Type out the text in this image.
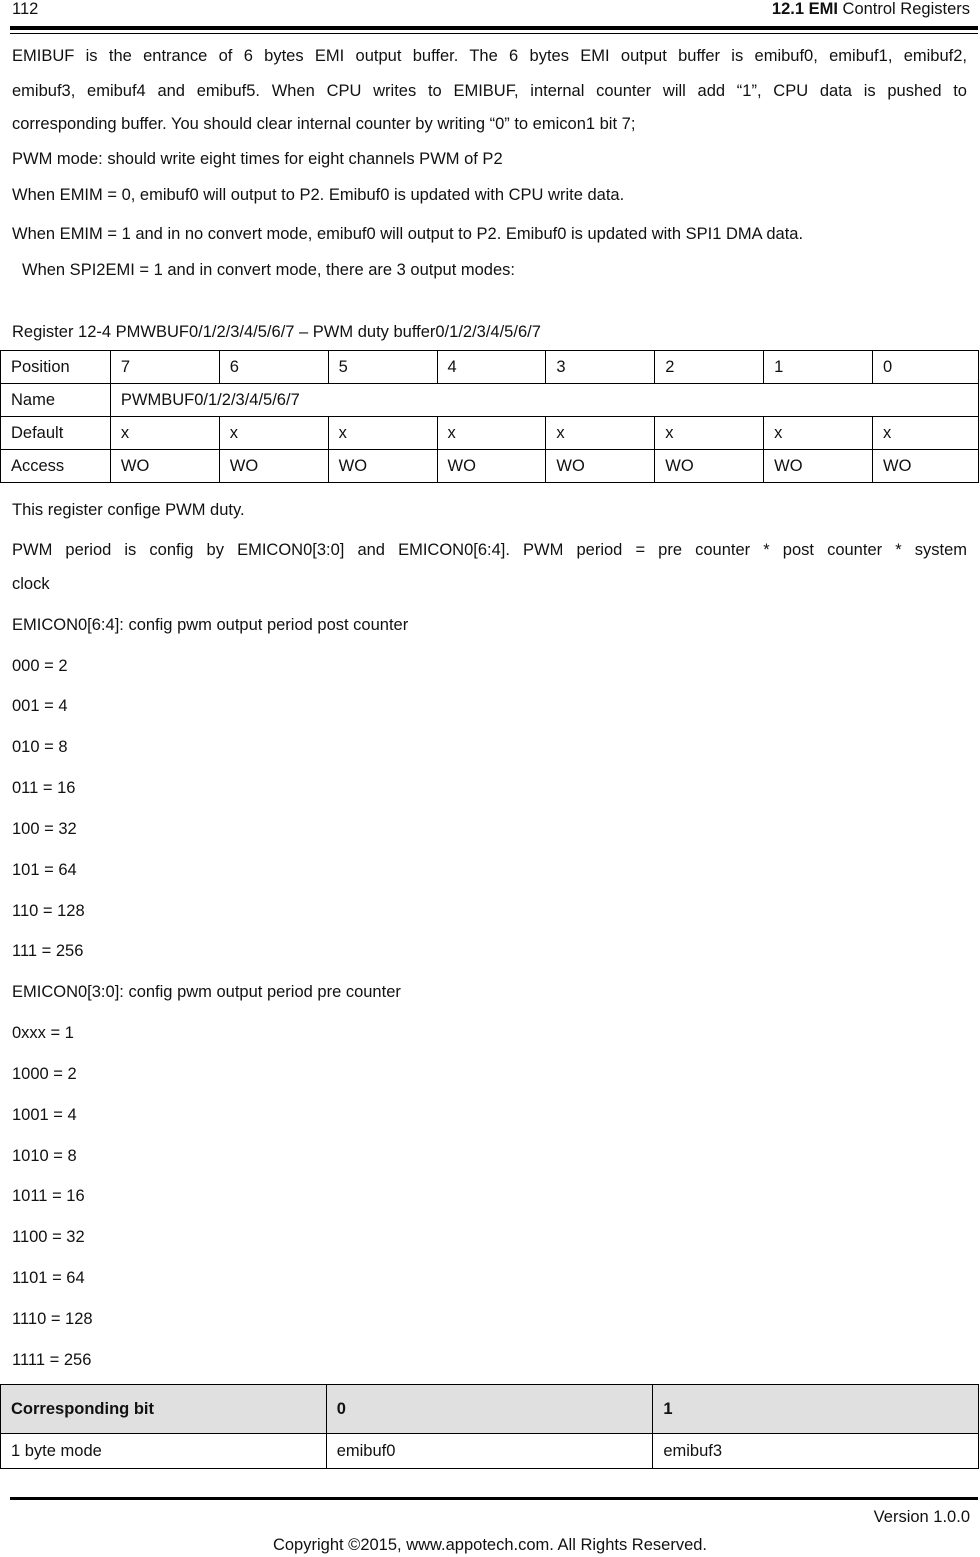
112	12.1 EMI Control Registers
EMIBUF is the entrance of 6 bytes EMI output buffer. The 6 bytes EMI output buffer is emibuf0, emibuf1, emibuf2,
emibuf3, emibuf4 and emibuf5. When CPU writes to EMIBUF, internal counter will add “1”, CPU data is pushed to
corresponding buffer. You should clear internal counter by writing “0” to emicon1 bit 7;
PWM mode: should write eight times for eight channels PWM of P2
When EMIM = 0, emibuf0 will output to P2. Emibuf0 is updated with CPU write data.
When EMIM = 1 and in no convert mode, emibuf0 will output to P2. Emibuf0 is updated with SPI1 DMA data.
When SPI2EMI = 1 and in convert mode, there are 3 output modes:
Register 12-4 PMWBUF0/1/2/3/4/5/6/7 – PWM duty buffer0/1/2/3/4/5/6/7
Position	7	6	5	4	3	2	1	0
Name	PWMBUF0/1/2/3/4/5/6/7							
Default	x	x	x	x	x	x	x	x
Access	WO	WO	WO	WO	WO	WO	WO	WO
This register confige PWM duty.
PWM period is config by EMICON0[3:0] and EMICON0[6:4]. PWM period = pre counter * post counter * system
clock
EMICON0[6:4]: config pwm output period post counter
000 = 2
001 = 4
010 = 8
011 = 16
100 = 32
101 = 64
110 = 128
111 = 256
EMICON0[3:0]: config pwm output period pre counter
0xxx = 1
1000 = 2
1001 = 4
1010 = 8
1011 = 16
1100 = 32
1101 = 64
1110 = 128
1111 = 256
Corresponding bit	0	1
1 byte mode	emibuf0	emibuf3
Version 1.0.0
Copyright ©2015, www.appotech.com. All Rights Reserved.
